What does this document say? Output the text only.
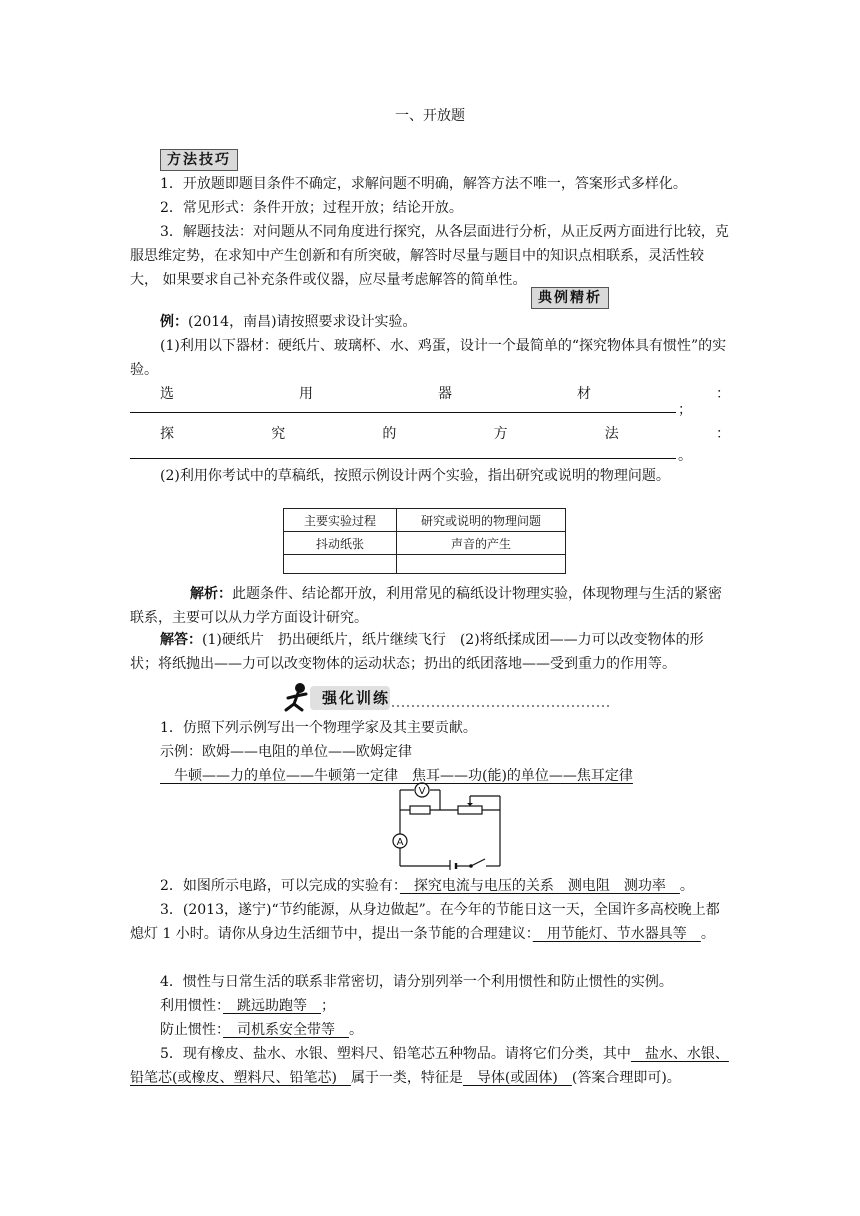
一、开放题
方法技巧
1．开放题即题目条件不确定，求解问题不明确，解答方法不唯一，答案形式多样化。
2．常见形式：条件开放；过程开放；结论开放。
3．解题技法：对问题从不同角度进行探究，从各层面进行分析，从正反两方面进行比较，克服思维定势，在求知中产生创新和有所突破，解答时尽量与题目中的知识点相联系，灵活性较大， 如果要求自己补充条件或仪器，应尽量考虑解答的简单性。
典例精析
例：(2014，南昌)请按照要求设计实验。
(1)利用以下器材：硬纸片、玻璃杯、水、鸡蛋，设计一个最简单的“探究物体具有惯性”的实验。
选	用	器	材	：
；
探	究	的	方	法	：
。
(2)利用你考试中的草稿纸，按照示例设计两个实验，指出研究或说明的物理问题。
主要实验过程	研究或说明的物理问题
抖动纸张	声音的产生

解析：此题条件、结论都开放，利用常见的稿纸设计物理实验，体现物理与生活的紧密联系，主要可以从力学方面设计研究。
解答：(1)硬纸片　扔出硬纸片，纸片继续飞行　(2)将纸揉成团——力可以改变物体的形状；将纸抛出——力可以改变物体的运动状态；扔出的纸团落地——受到重力的作用等。
强化训练
1．仿照下列示例写出一个物理学家及其主要贡献。
示例：欧姆——电阻的单位——欧姆定律
　牛顿——力的单位——牛顿第一定律　焦耳——功(能)的单位——焦耳定律
V
A
2．如图所示电路，可以完成的实验有：　探究电流与电压的关系　测电阻　测功率　。
3．(2013，遂宁)“节约能源，从身边做起”。在今年的节能日这一天，全国许多高校晚上都熄灯 1 小时。请你从身边生活细节中，提出一条节能的合理建议：　用节能灯、节水器具等　。
4．惯性与日常生活的联系非常密切，请分别列举一个利用惯性和防止惯性的实例。
利用惯性：　跳远助跑等　；
防止惯性：　司机系安全带等　。
5．现有橡皮、盐水、水银、塑料尺、铅笔芯五种物品。请将它们分类，其中　盐水、水银、铅笔芯(或橡皮、塑料尺、铅笔芯)　属于一类，特征是　导体(或固体)　(答案合理即可)。
